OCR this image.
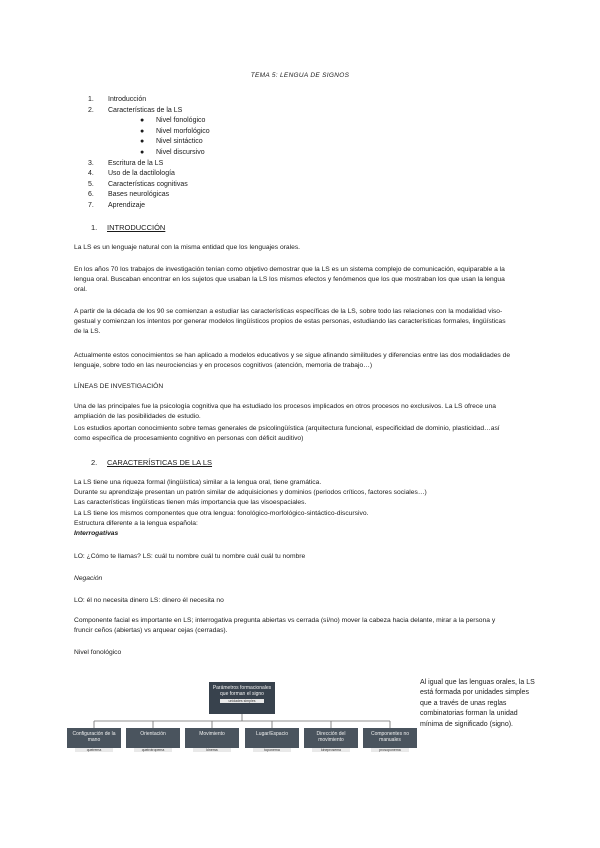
TEMA 5: LENGUA DE SIGNOS
1. Introducción
2. Características de la LS
● Nivel fonológico
● Nivel morfológico
● Nivel sintáctico
● Nivel discursivo
3. Escritura de la LS
4. Uso de la dactilología
5. Características cognitivas
6. Bases neurológicas
7. Aprendizaje
1. INTRODUCCIÓN
La LS es un lenguaje natural con la misma entidad que los lenguajes orales.
En los años 70 los trabajos de investigación tenían como objetivo demostrar que la LS es un sistema complejo de comunicación, equiparable a la lengua oral. Buscaban encontrar en los sujetos que usaban la LS los mismos efectos y fenómenos que los que mostraban los que usan la lengua oral.
A partir de la década de los 90 se comienzan a estudiar las características específicas de la LS, sobre todo las relaciones con la modalidad viso-gestual y comienzan los intentos por generar modelos lingüísticos propios de estas personas, estudiando las características formales, lingüísticas de la LS.
Actualmente estos conocimientos se han aplicado a modelos educativos y se sigue afinando similitudes y diferencias entre las dos modalidades de lenguaje, sobre todo en las neurociencias y en procesos cognitivos (atención, memoria de trabajo…)
LÍNEAS DE INVESTIGACIÓN
Una de las principales fue la psicología cognitiva que ha estudiado los procesos implicados en otros procesos no exclusivos. La LS ofrece una ampliación de las posibilidades de estudio.
Los estudios aportan conocimiento sobre temas generales de psicolingüística (arquitectura funcional, especificidad de dominio, plasticidad…así como específica de procesamiento cognitivo en personas con déficit auditivo)
2. CARACTERÍSTICAS DE LA LS
La LS tiene una riqueza formal (lingüística) similar a la lengua oral, tiene gramática.
Durante su aprendizaje presentan un patrón similar de adquisiciones y dominios (periodos críticos, factores sociales…)
Las características lingüísticas tienen más importancia que las visoespaciales.
La LS tiene los mismos componentes que otra lengua: fonológico-morfológico-sintáctico-discursivo.
Estructura diferente a la lengua española:
Interrogativas
LO: ¿Cómo te llamas? LS: cuál tu nombre cuál tu nombre cuál cuál tu nombre
Negación
LO: él no necesita dinero LS: dinero él necesita no
Componente facial es importante en LS; interrogativa pregunta abiertas vs cerrada (sí/no) mover la cabeza hacia delante, mirar a la persona y fruncir ceños (abiertas) vs arquear cejas (cerradas).
Nivel fonológico
Parámetros formacionales que forman el signo
unidades simples
Configuración de la mano
queirema
Orientación
queirotropema
Movimiento
kinema
Lugar/Espacio
toponema
Dirección del movimiento
kineprosema
Componentes no manuales
prosoponema
Al igual que las lenguas orales, la LS está formada por unidades simples que a través de unas reglas combinatorias forman la unidad mínima de significado (signo).
